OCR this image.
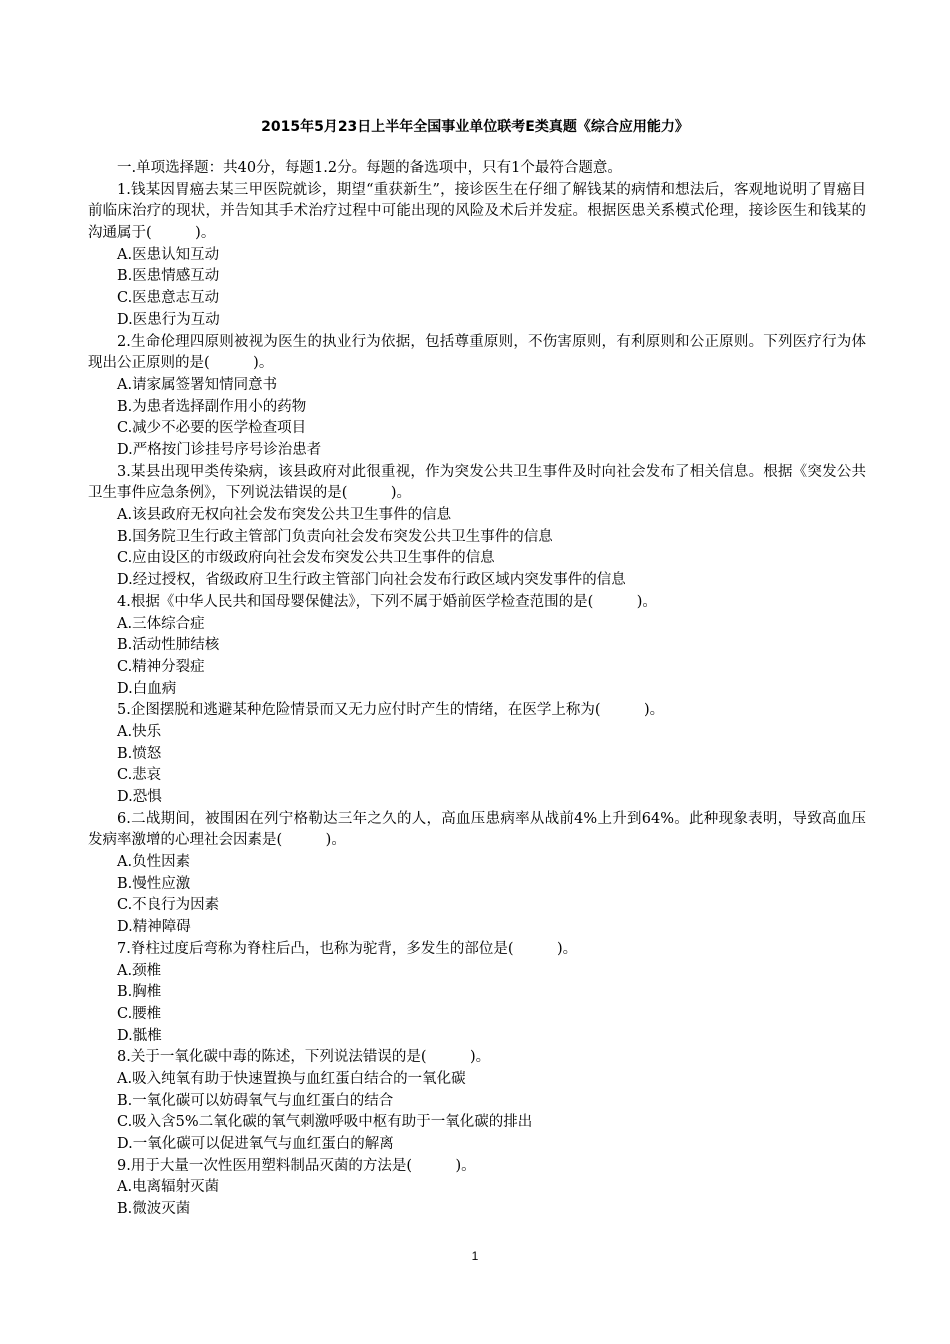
2015年5月23日上半年全国事业单位联考E类真题《综合应用能力》
一.单项选择题：共40分，每题1.2分。每题的备选项中，只有1个最符合题意。
1.钱某因胃癌去某三甲医院就诊，期望“重获新生”，接诊医生在仔细了解钱某的病情和想法后，客观地说明了胃癌目前临床治疗的现状，并告知其手术治疗过程中可能出现的风险及术后并发症。根据医患关系模式伦理，接诊医生和钱某的沟通属于(　　　)。
A.医患认知互动
B.医患情感互动
C.医患意志互动
D.医患行为互动
2.生命伦理四原则被视为医生的执业行为依据，包括尊重原则，不伤害原则，有利原则和公正原则。下列医疗行为体现出公正原则的是(　　　)。
A.请家属签署知情同意书
B.为患者选择副作用小的药物
C.减少不必要的医学检查项目
D.严格按门诊挂号序号诊治患者
3.某县出现甲类传染病，该县政府对此很重视，作为突发公共卫生事件及时向社会发布了相关信息。根据《突发公共卫生事件应急条例》，下列说法错误的是(　　　)。
A.该县政府无权向社会发布突发公共卫生事件的信息
B.国务院卫生行政主管部门负责向社会发布突发公共卫生事件的信息
C.应由设区的市级政府向社会发布突发公共卫生事件的信息
D.经过授权，省级政府卫生行政主管部门向社会发布行政区域内突发事件的信息
4.根据《中华人民共和国母婴保健法》，下列不属于婚前医学检查范围的是(　　　)。
A.三体综合症
B.活动性肺结核
C.精神分裂症
D.白血病
5.企图摆脱和逃避某种危险情景而又无力应付时产生的情绪，在医学上称为(　　　)。
A.快乐
B.愤怒
C.悲哀
D.恐惧
6.二战期间，被围困在列宁格勒达三年之久的人，高血压患病率从战前4%上升到64%。此种现象表明，导致高血压发病率激增的心理社会因素是(　　　)。
A.负性因素
B.慢性应激
C.不良行为因素
D.精神障碍
7.脊柱过度后弯称为脊柱后凸，也称为驼背，多发生的部位是(　　　)。
A.颈椎
B.胸椎
C.腰椎
D.骶椎
8.关于一氧化碳中毒的陈述，下列说法错误的是(　　　)。
A.吸入纯氧有助于快速置换与血红蛋白结合的一氧化碳
B.一氧化碳可以妨碍氧气与血红蛋白的结合
C.吸入含5%二氧化碳的氧气刺激呼吸中枢有助于一氧化碳的排出
D.一氧化碳可以促进氧气与血红蛋白的解离
9.用于大量一次性医用塑料制品灭菌的方法是(　　　)。
A.电离辐射灭菌
B.微波灭菌
1
